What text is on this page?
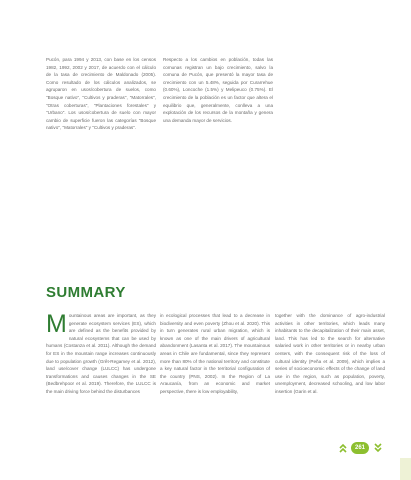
Pucón, para 1994 y 2013, con base en los censos 1982, 1992, 2002 y 2017, de acuerdo con el cálculo de la tasa de crecimiento de Maldonado (2005). Como resultado de los cálculos analizados, se agruparon en usos/cobertura de suelos, como "Bosque nativo", "Cultivos y praderas", "Matorrales", "Otras coberturas", "Plantaciones forestales" y "Urbano". Los usos/cobertura de suelo con mayor cambio de superficie fueron las categorías "Bosque nativo", "Matorrales" y "Cultivos y praderas".

Respecto a los cambios en población, todas las comunas registran un bajo crecimiento, salvo la comuna de Pucón, que presentó la mayor tasa de crecimiento con un 5.48%, seguida por Curarrehue (0.60%), Loncoche (1.5%) y Melipeuco (0.75%). El crecimiento de la población es un factor que altera el equilibrio que, generalmente, conlleva a una explotación de los recursos de la montaña y genera una demanda mayor de servicios.

SUMMARY
M ountainous areas are important, as they generate ecosystem services (ES), which are defined as the benefits provided by natural ecosystems that can be used by humans (Costanza et al. 2011). Although the demand for ES in the mountain range increases continuously due to population growth (Grêt-Regamey et al. 2012), land use/cover change (LULCC) has undergone transformations and causes changes in the SE (Bedbrehpoor et al. 2019). Therefore, the LULCC is the main driving force behind the disturbances

in ecological processes that lead to a decrease in biodiversity and even poverty (Zhou et al. 2020). This in turn generates rural urban migration, which is known as one of the main drivers of agricultural abandonment (Lasanta et al. 2017). The mountainous areas in Chile are fundamental, since they represent more than 80% of the national territory and constitute a key natural factor in the territorial configuration of the country (PNS, 2002). In the Region of La Araucanía, from an economic and market perspective, there is low employability,

together with the dominance of agro-industrial activities in other territories, which leads many inhabitants to the decapitalization of their main asset, land. This has led to the search for alternative salaried work in other territories or in nearby urban centers, with the consequent risk of the loss of cultural identity (Peña et al. 2009), which implies a series of socioeconomic effects of the change of land use in the region, such as population, poverty, unemployment, decreased schooling, and low labor insertion (Garin et al.

261
